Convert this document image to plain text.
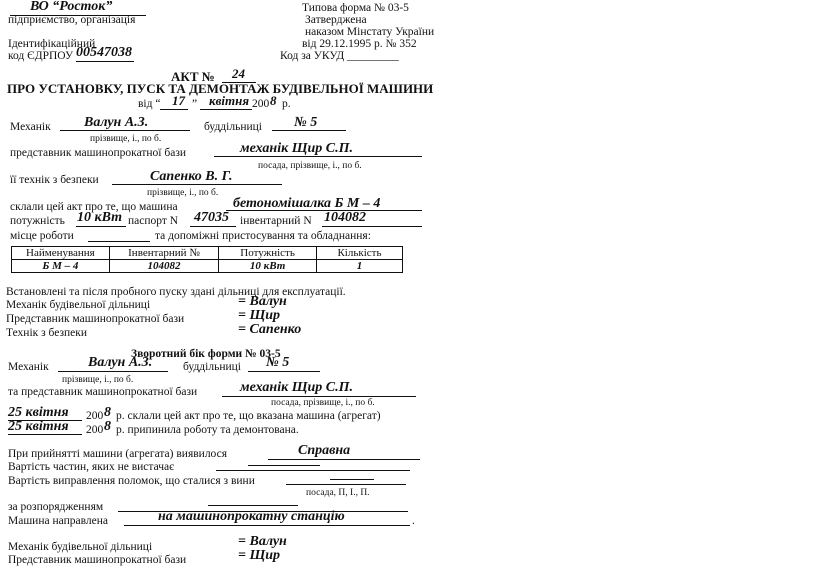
ВО “Росток”
підприємство, організація
Ідентифікаційний
код ЄДРПОУ 00547038
Типова форма № 03-5
Затверджена
наказом Мінстату України
від 29.12.1995 р. № 352
Код за УКУД _________
АКТ № 24
ПРО УСТАНОВКУ, ПУСК ТА ДЕМОНТАЖ БУДІВЕЛЬНОЇ МАШИНИ
від “ 17 ” квітня 200 8 р.
Механік Валун А.З.	буддільниці № 5
прізвище, і., по б.
представник машинопрокатної бази	механік Щир С.П.
посада, прізвище, і., по б.
її технік з безпеки	Сапенко В. Г.
прізвище, і., по б.
склали цей акт про те, що машина	бетономішалка Б М – 4
потужність 10 кВт паспорт N 47035 інвентарний N 104082
місце роботи	та допоміжні пристосування та обладнання:
Найменування	Інвентарний №	Потужність	Кількість
Б М – 4	104082	10 кВт	1
Встановлені та після пробного пуску здані дільниці для експлуатації.
Механік будівельної дільниці	= Валун
Представник машинопрокатної бази	= Щир
Технік з безпеки	= Сапенко
Зворотний бік форми № 03-5
Механік	Валун А.З.	буддільниці № 5
прізвище, і., по б.
та представник машинопрокатної бази	механік Щир С.П.
посада, прізвище, і., по б.
25 квітня 200 8 р. склали цей акт про те, що вказана машина (агрегат)
25 квітня 200 8 р. припинила роботу та демонтована.
При прийнятті машини (агрегата) виявилося	Справна
Вартість частин, яких не вистачає
Вартість виправлення поломок, що сталися з вини
посада, П, І., П.
за розпорядженням
Машина направлена	на машинопрокатну станцію	.
Механік будівельної дільниці	= Валун
Представник машинопрокатної бази	= Щир
